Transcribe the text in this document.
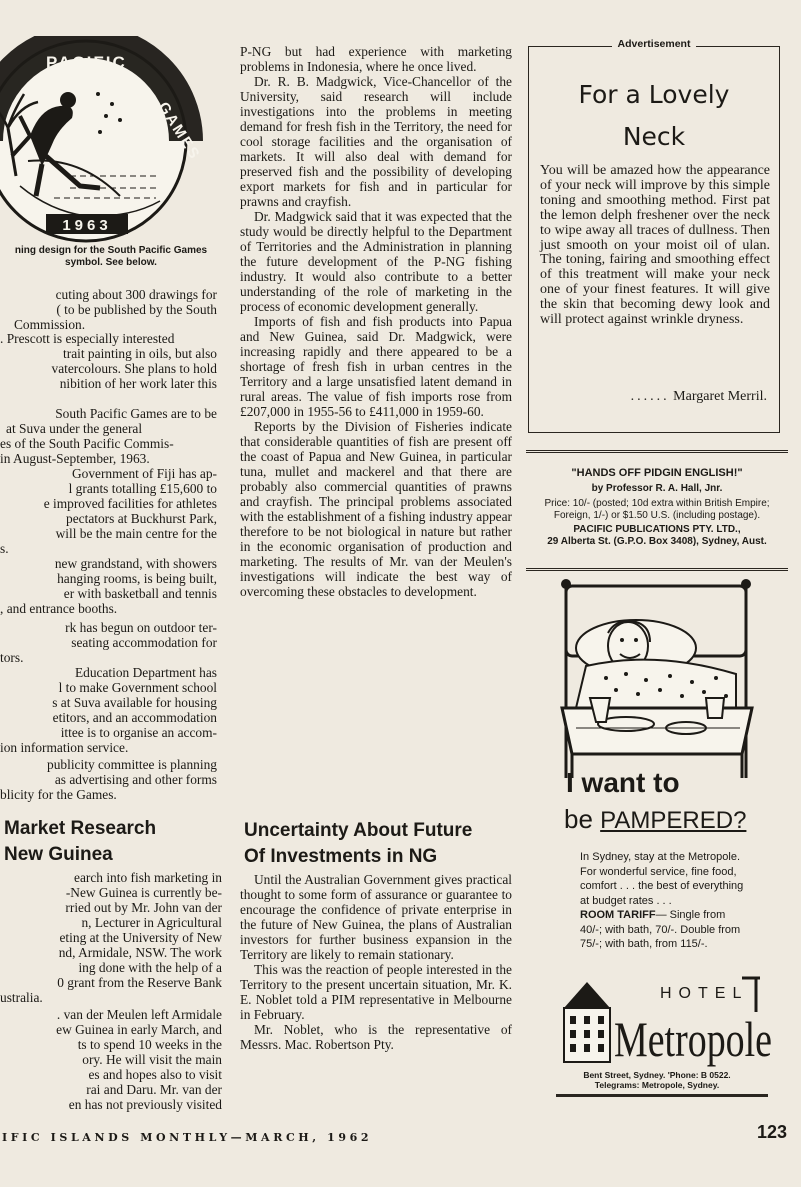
PACIFIC
GAMES
1963
ning design for the South Pacific Games
symbol. See below.
cuting about 300 drawings for
( to be published by the South
Commission.
. Prescott is especially interested
trait painting in oils, but also
vatercolours. She plans to hold
nibition of her work later this
South Pacific Games are to be
at Suva under the general
es of the South Pacific Commis-
in August-September, 1963.
Government of Fiji has ap-
l grants totalling £15,600 to
e improved facilities for athletes
pectators at Buckhurst Park,
will be the main centre for the
s.
new grandstand, with showers
hanging rooms, is being built,
er with basketball and tennis
, and entrance booths.
rk has begun on outdoor ter-
seating accommodation for
tors.
Education Department has
l to make Government school
s at Suva available for housing
etitors, and an accommodation
ittee is to organise an accom-
ion information service.
publicity committee is planning
as advertising and other forms
blicity for the Games.
Market Research
New Guinea
earch into fish marketing in
-New Guinea is currently be-
rried out by Mr. John van der
n, Lecturer in Agricultural
eting at the University of New
nd, Armidale, NSW. The work
ing done with the help of a
0 grant from the Reserve Bank
ustralia.
. van der Meulen left Armidale
ew Guinea in early March, and
ts to spend 10 weeks in the
ory. He will visit the main
es and hopes also to visit
rai and Daru. Mr. van der
en has not previously visited

P-NG but had experience with marketing problems in Indonesia, where he once lived.

Dr. R. B. Madgwick, Vice-Chancellor of the University, said research will include investigations into the problems in meeting demand for fresh fish in the Territory, the need for cool storage facilities and the organisation of markets. It will also deal with demand for preserved fish and the possibility of developing export markets for fish and in particular for prawns and crayfish.

Dr. Madgwick said that it was expected that the study would be directly helpful to the Department of Territories and the Administration in planning the future development of the P-NG fishing industry. It would also contribute to a better understanding of the role of marketing in the process of economic development generally.

Imports of fish and fish products into Papua and New Guinea, said Dr. Madgwick, were increasing rapidly and there appeared to be a shortage of fresh fish in urban centres in the Territory and a large unsatisfied latent demand in rural areas. The value of fish imports rose from £207,000 in 1955-56 to £411,000 in 1959-60.

Reports by the Division of Fisheries indicate that considerable quantities of fish are present off the coast of Papua and New Guinea, in particular tuna, mullet and mackerel and that there are probably also commercial quantities of prawns and crayfish. The principal problems associated with the establishment of a fishing industry appear therefore to be not biological in nature but rather in the economic organisation of production and marketing. The results of Mr. van der Meulen's investigations will indicate the best way of overcoming these obstacles to development.

Uncertainty About Future
Of Investments in NG

Until the Australian Government gives practical thought to some form of assurance or guarantee to encourage the confidence of private enterprise in the future of New Guinea, the plans of Australian investors for further business expansion in the Territory are likely to remain stationary.

This was the reaction of people interested in the Territory to the present uncertain situation, Mr. K. E. Noblet told a PIM representative in Melbourne in February.

Mr. Noblet, who is the representative of Messrs. Mac. Robertson Pty.

Advertisement
For a Lovely
Neck

You will be amazed how the appearance of your neck will improve by this simple toning and smoothing method. First pat the lemon delph freshener over the neck to wipe away all traces of dullness. Then just smooth on your moist oil of ulan. The toning, fairing and smoothing effect of this treatment will make your neck one of your finest features. It will give the skin that becoming dewy look and will protect against wrinkle dryness.

...... Margaret Merril.
"HANDS OFF PIDGIN ENGLISH!"
by Professor R. A. Hall, Jnr.
Price: 10/- (posted; 10d extra within British Empire; Foreign, 1/-) or $1.50 U.S. (including postage).
PACIFIC PUBLICATIONS PTY. LTD.,
29 Alberta St. (G.P.O. Box 3408), Sydney, Aust.
I want to
be PAMPERED?
In Sydney, stay at the Metropole. For wonderful service, fine food, comfort . . . the best of everything at budget rates . . .
ROOM TARIFF— Single from 40/-; with bath, 70/-. Double from 75/-; with bath, from 115/-.
HOTEL
Metropole
Bent Street, Sydney. 'Phone: B 0522.
Telegrams: Metropole, Sydney.
IFIC ISLANDS MONTHLY—MARCH, 1962	123
